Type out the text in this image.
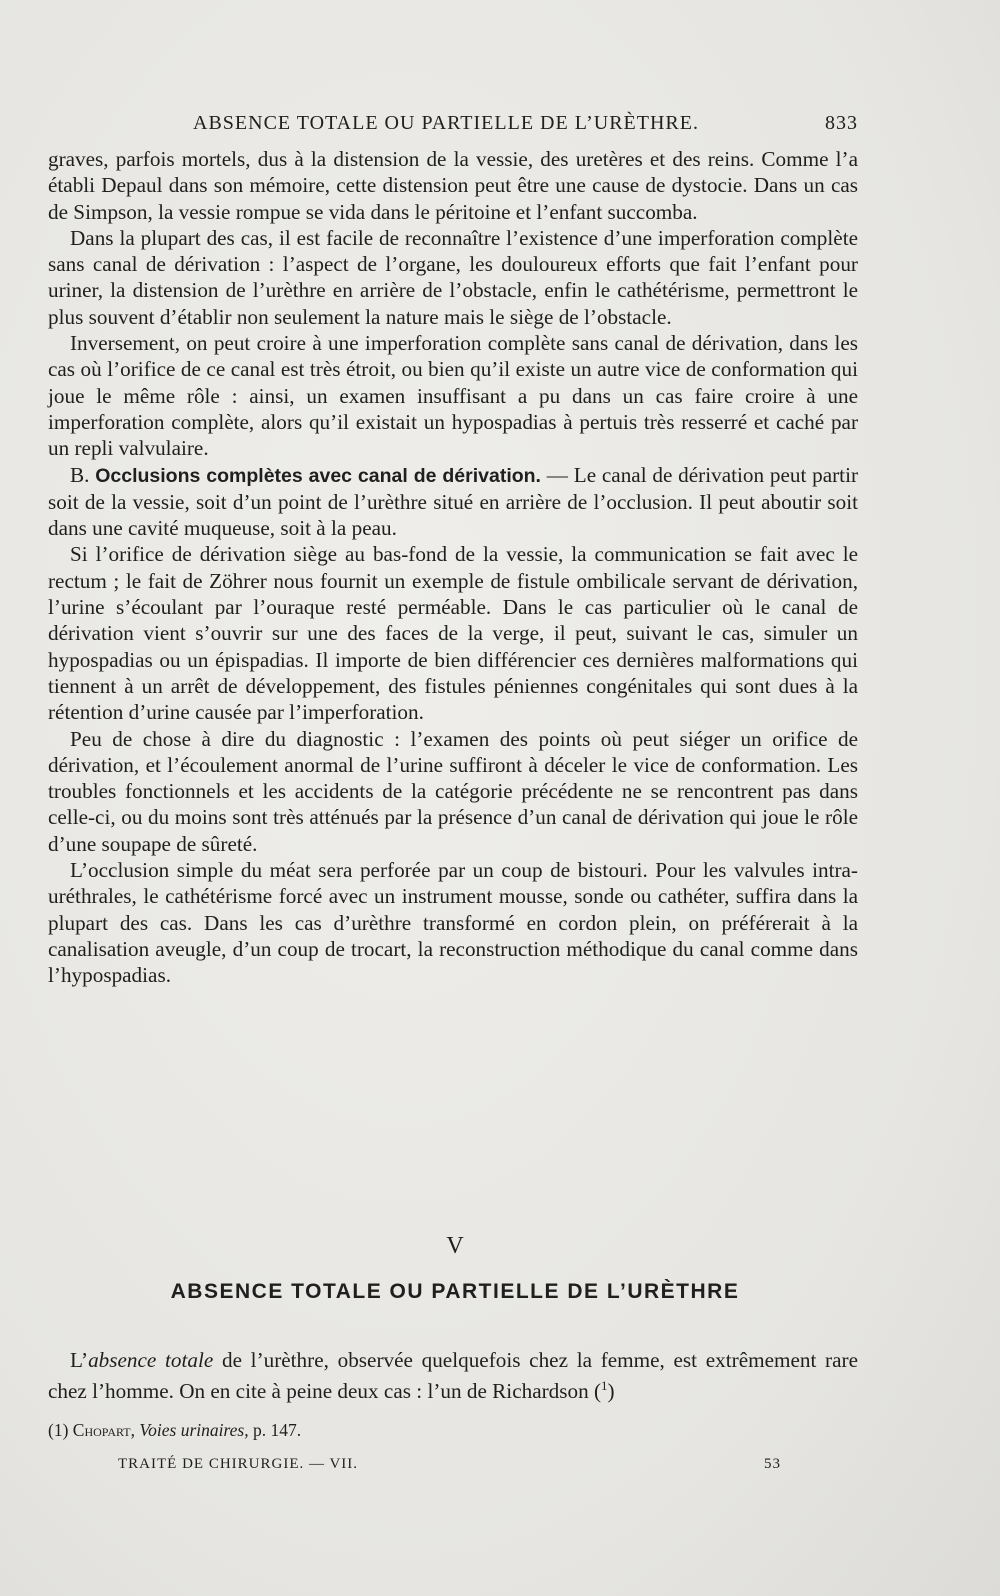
ABSENCE TOTALE OU PARTIELLE DE L’URÈTHRE.	833

graves, parfois mortels, dus à la distension de la vessie, des uretères et des reins. Comme l’a établi Depaul dans son mémoire, cette distension peut être une cause de dystocie. Dans un cas de Simpson, la vessie rompue se vida dans le péritoine et l’enfant succomba.

Dans la plupart des cas, il est facile de reconnaître l’existence d’une imperforation complète sans canal de dérivation : l’aspect de l’organe, les douloureux efforts que fait l’enfant pour uriner, la distension de l’urèthre en arrière de l’obstacle, enfin le cathétérisme, permettront le plus souvent d’établir non seulement la nature mais le siège de l’obstacle.

Inversement, on peut croire à une imperforation complète sans canal de dérivation, dans les cas où l’orifice de ce canal est très étroit, ou bien qu’il existe un autre vice de conformation qui joue le même rôle : ainsi, un examen insuffisant a pu dans un cas faire croire à une imperforation complète, alors qu’il existait un hypospadias à pertuis très resserré et caché par un repli valvulaire.

B. Occlusions complètes avec canal de dérivation. — Le canal de dérivation peut partir soit de la vessie, soit d’un point de l’urèthre situé en arrière de l’occlusion. Il peut aboutir soit dans une cavité muqueuse, soit à la peau.

Si l’orifice de dérivation siège au bas-fond de la vessie, la communication se fait avec le rectum ; le fait de Zöhrer nous fournit un exemple de fistule ombilicale servant de dérivation, l’urine s’écoulant par l’ouraque resté perméable. Dans le cas particulier où le canal de dérivation vient s’ouvrir sur une des faces de la verge, il peut, suivant le cas, simuler un hypospadias ou un épispadias. Il importe de bien différencier ces dernières malformations qui tiennent à un arrêt de développement, des fistules péniennes congénitales qui sont dues à la rétention d’urine causée par l’imperforation.

Peu de chose à dire du diagnostic : l’examen des points où peut siéger un orifice de dérivation, et l’écoulement anormal de l’urine suffiront à déceler le vice de conformation. Les troubles fonctionnels et les accidents de la catégorie précédente ne se rencontrent pas dans celle-ci, ou du moins sont très atténués par la présence d’un canal de dérivation qui joue le rôle d’une soupape de sûreté.

L’occlusion simple du méat sera perforée par un coup de bistouri. Pour les valvules intra-uréthrales, le cathétérisme forcé avec un instrument mousse, sonde ou cathéter, suffira dans la plupart des cas. Dans les cas d’urèthre transformé en cordon plein, on préférerait à la canalisation aveugle, d’un coup de trocart, la reconstruction méthodique du canal comme dans l’hypospadias.

V
ABSENCE TOTALE OU PARTIELLE DE L’URÈTHRE

L’absence totale de l’urèthre, observée quelquefois chez la femme, est extrêmement rare chez l’homme. On en cite à peine deux cas : l’un de Richardson ($^1$)

(1) Chopart, Voies urinaires, p. 147.
TRAITÉ DE CHIRURGIE. — VII.	53
